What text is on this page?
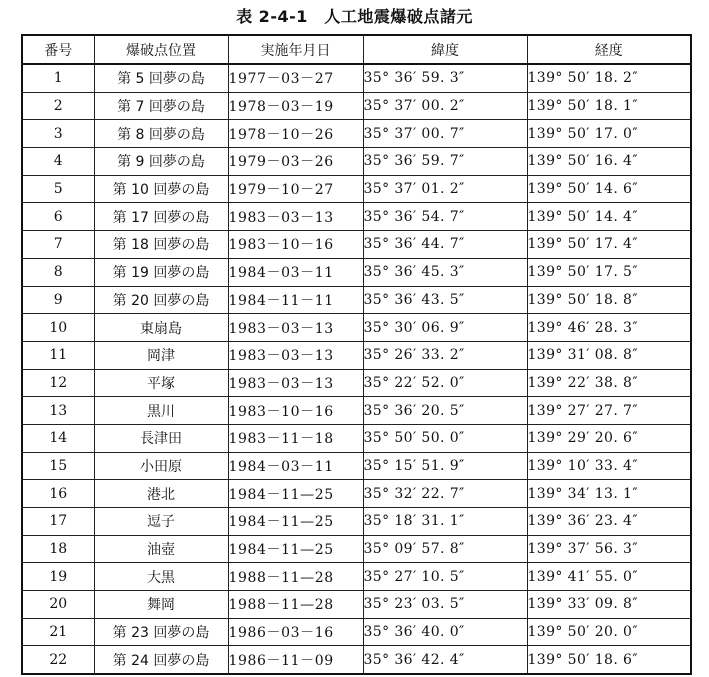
表 2-4-1　人工地震爆破点諸元
番号	爆破点位置	実施年月日	緯度	経度
1	第 5 回夢の島	1977－03－27	35° 36′ 59. 3″	139° 50′ 18. 2″
2	第 7 回夢の島	1978－03－19	35° 37′ 00. 2″	139° 50′ 18. 1″
3	第 8 回夢の島	1978－10－26	35° 37′ 00. 7″	139° 50′ 17. 0″
4	第 9 回夢の島	1979－03－26	35° 36′ 59. 7″	139° 50′ 16. 4″
5	第 10 回夢の島	1979－10－27	35° 37′ 01. 2″	139° 50′ 14. 6″
6	第 17 回夢の島	1983－03－13	35° 36′ 54. 7″	139° 50′ 14. 4″
7	第 18 回夢の島	1983－10－16	35° 36′ 44. 7″	139° 50′ 17. 4″
8	第 19 回夢の島	1984－03－11	35° 36′ 45. 3″	139° 50′ 17. 5″
9	第 20 回夢の島	1984－11－11	35° 36′ 43. 5″	139° 50′ 18. 8″
10	東扇島	1983－03－13	35° 30′ 06. 9″	139° 46′ 28. 3″
11	岡津	1983－03－13	35° 26′ 33. 2″	139° 31′ 08. 8″
12	平塚	1983－03－13	35° 22′ 52. 0″	139° 22′ 38. 8″
13	黒川	1983－10－16	35° 36′ 20. 5″	139° 27′ 27. 7″
14	長津田	1983－11－18	35° 50′ 50. 0″	139° 29′ 20. 6″
15	小田原	1984－03－11	35° 15′ 51. 9″	139° 10′ 33. 4″
16	港北	1984－11—25	35° 32′ 22. 7″	139° 34′ 13. 1″
17	逗子	1984－11—25	35° 18′ 31. 1″	139° 36′ 23. 4″
18	油壺	1984－11—25	35° 09′ 57. 8″	139° 37′ 56. 3″
19	大黒	1988－11—28	35° 27′ 10. 5″	139° 41′ 55. 0″
20	舞岡	1988－11—28	35° 23′ 03. 5″	139° 33′ 09. 8″
21	第 23 回夢の島	1986－03－16	35° 36′ 40. 0″	139° 50′ 20. 0″
22	第 24 回夢の島	1986－11－09	35° 36′ 42. 4″	139° 50′ 18. 6″
